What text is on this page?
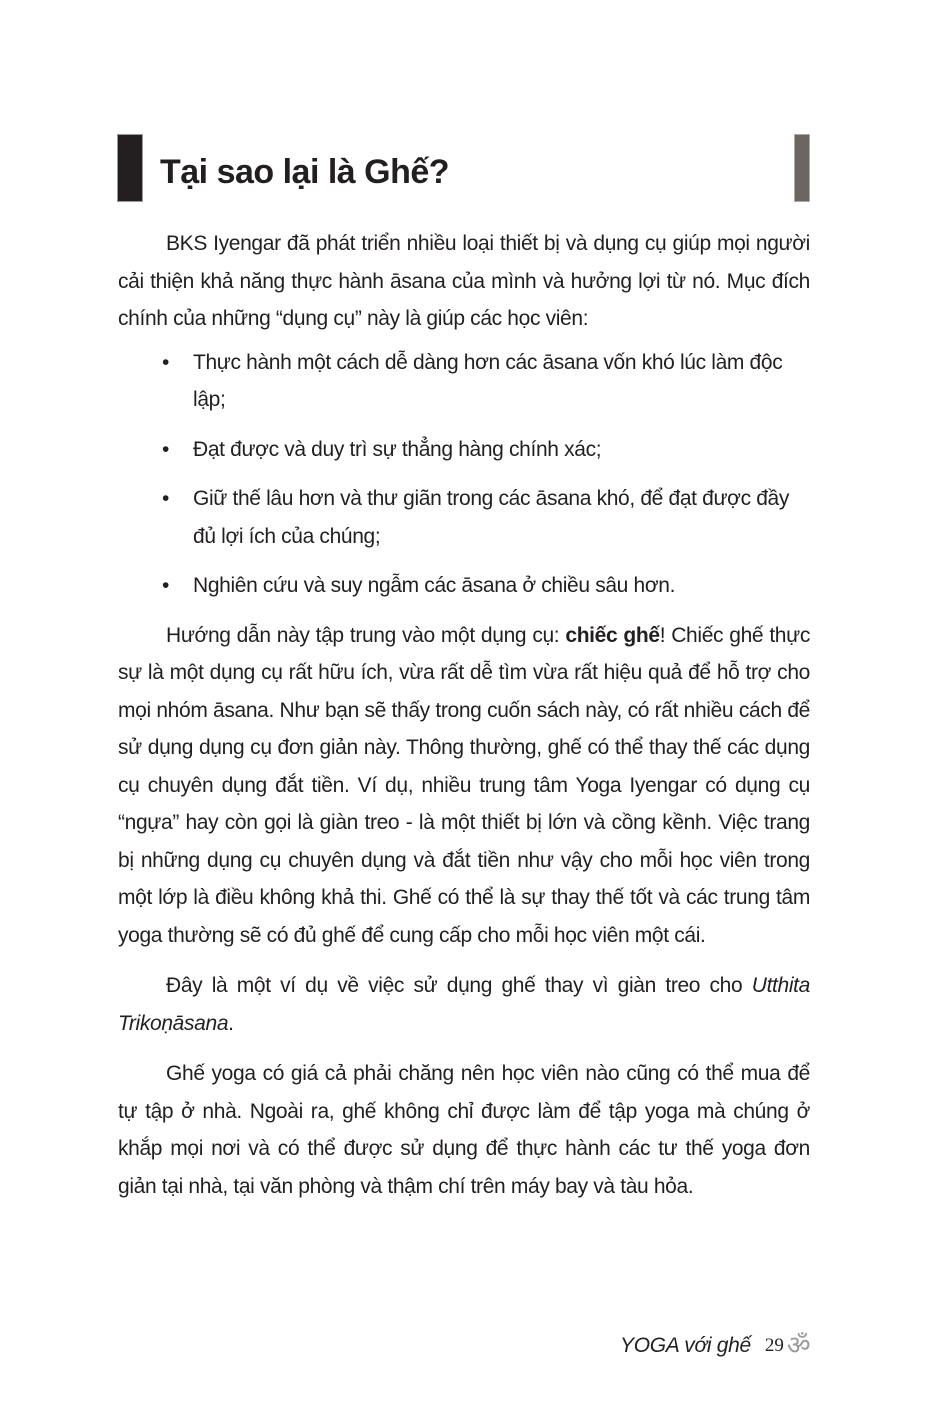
Tại sao lại là Ghế?

BKS Iyengar đã phát triển nhiều loại thiết bị và dụng cụ giúp mọi người cải thiện khả năng thực hành āsana của mình và hưởng lợi từ nó. Mục đích chính của những “dụng cụ” này là giúp các học viên:

• Thực hành một cách dễ dàng hơn các āsana vốn khó lúc làm độc lập;
• Đạt được và duy trì sự thẳng hàng chính xác;
• Giữ thế lâu hơn và thư giãn trong các āsana khó, để đạt được đầy đủ lợi ích của chúng;
• Nghiên cứu và suy ngẫm các āsana ở chiều sâu hơn.

Hướng dẫn này tập trung vào một dụng cụ: chiếc ghế! Chiếc ghế thực sự là một dụng cụ rất hữu ích, vừa rất dễ tìm vừa rất hiệu quả để hỗ trợ cho mọi nhóm āsana. Như bạn sẽ thấy trong cuốn sách này, có rất nhiều cách để sử dụng dụng cụ đơn giản này. Thông thường, ghế có thể thay thế các dụng cụ chuyên dụng đắt tiền. Ví dụ, nhiều trung tâm Yoga Iyengar có dụng cụ “ngựa” hay còn gọi là giàn treo - là một thiết bị lớn và cồng kềnh. Việc trang bị những dụng cụ chuyên dụng và đắt tiền như vậy cho mỗi học viên trong một lớp là điều không khả thi. Ghế có thể là sự thay thế tốt và các trung tâm yoga thường sẽ có đủ ghế để cung cấp cho mỗi học viên một cái.

Đây là một ví dụ về việc sử dụng ghế thay vì giàn treo cho Utthita Trikoṇāsana.

Ghế yoga có giá cả phải chăng nên học viên nào cũng có thể mua để tự tập ở nhà. Ngoài ra, ghế không chỉ được làm để tập yoga mà chúng ở khắp mọi nơi và có thể được sử dụng để thực hành các tư thế yoga đơn giản tại nhà, tại văn phòng và thậm chí trên máy bay và tàu hỏa.

YOGA với ghế 29 ॐ
